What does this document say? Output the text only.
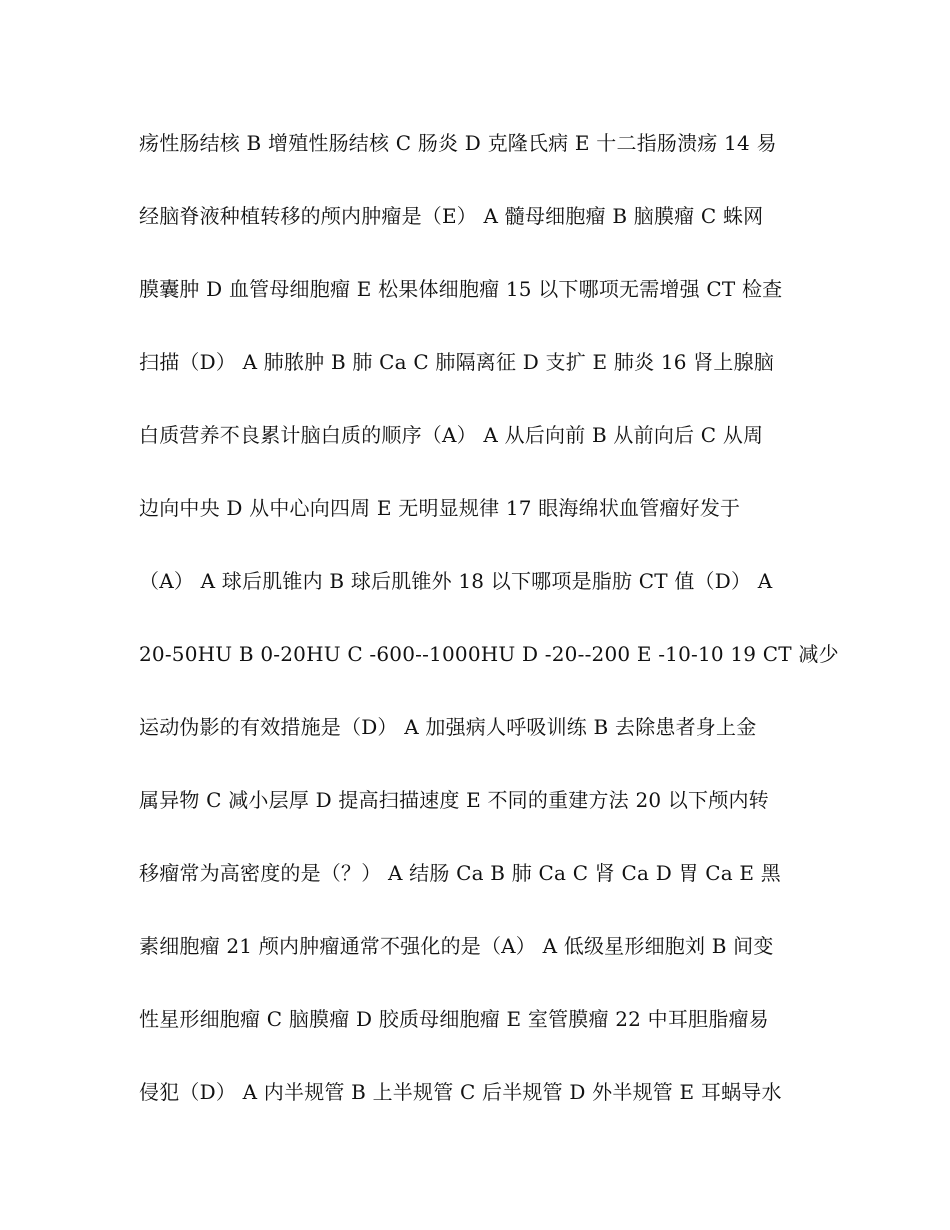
疡性肠结核 B 增殖性肠结核 C 肠炎 D 克隆氏病 E 十二指肠溃疡 14 易
经脑脊液种植转移的颅内肿瘤是（E） A 髓母细胞瘤 B 脑膜瘤 C 蛛网
膜囊肿 D 血管母细胞瘤 E 松果体细胞瘤 15 以下哪项无需增强 CT 检查
扫描（D） A 肺脓肿 B 肺 Ca C 肺隔离征 D 支扩 E 肺炎 16 肾上腺脑
白质营养不良累计脑白质的顺序（A） A 从后向前 B 从前向后 C 从周
边向中央 D 从中心向四周 E 无明显规律 17 眼海绵状血管瘤好发于
（A） A 球后肌锥内 B 球后肌锥外 18 以下哪项是脂肪 CT 值（D） A
20-50HU B 0-20HU C -600--1000HU D -20--200 E -10-10 19 CT 减少
运动伪影的有效措施是（D） A 加强病人呼吸训练 B 去除患者身上金
属异物 C 减小层厚 D 提高扫描速度 E 不同的重建方法 20 以下颅内转
移瘤常为高密度的是（？） A 结肠 Ca B 肺 Ca C 肾 Ca D 胃 Ca E 黑
素细胞瘤 21 颅内肿瘤通常不强化的是（A） A 低级星形细胞刘 B 间变
性星形细胞瘤 C 脑膜瘤 D 胶质母细胞瘤 E 室管膜瘤 22 中耳胆脂瘤易
侵犯（D） A 内半规管 B 上半规管 C 后半规管 D 外半规管 E 耳蜗导水
